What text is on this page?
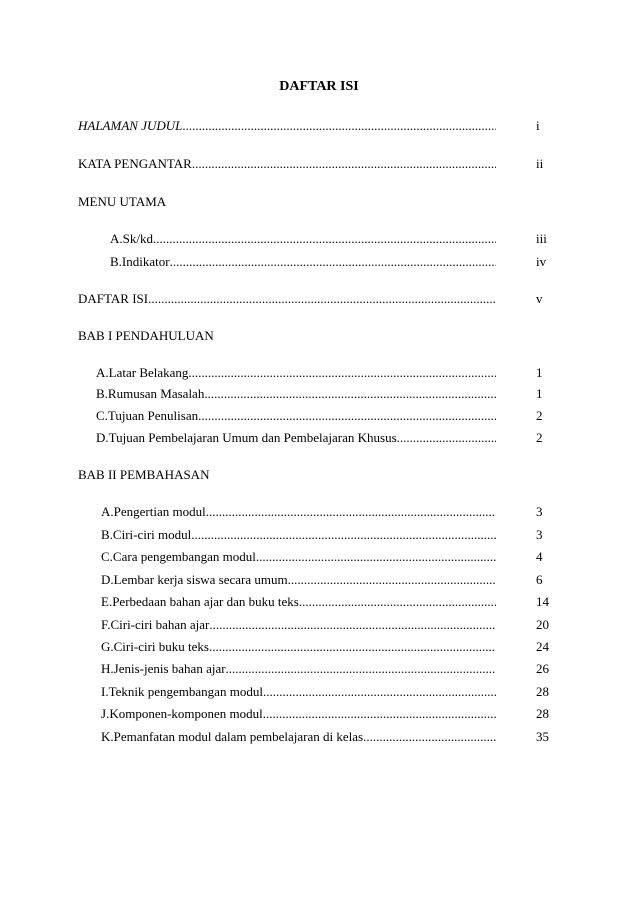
DAFTAR ISI
HALAMAN JUDUL .....	i
KATA PENGANTAR .....	ii
MENU UTAMA
A. Sk/kd .....	iii
B. Indikator .....	iv
DAFTAR ISI .....	v
BAB I PENDAHULUAN
A. Latar Belakang .....	1
B. Rumusan Masalah .....	1
C. Tujuan Penulisan .....	2
D. Tujuan Pembelajaran Umum dan Pembelajaran Khusus .....	2
BAB II PEMBAHASAN
A. Pengertian modul .....	3
B. Ciri-ciri modul .....	3
C. Cara pengembangan modul .....	4
D. Lembar kerja siswa secara umum .....	6
E. Perbedaan bahan ajar dan buku teks .....	14
F. Ciri-ciri bahan ajar .....	20
G. Ciri-ciri buku teks .....	24
H. Jenis-jenis bahan ajar .....	26
I. Teknik pengembangan modul .....	28
J. Komponen-komponen modul .....	28
K. Pemanfatan modul dalam pembelajaran di kelas .....	35
